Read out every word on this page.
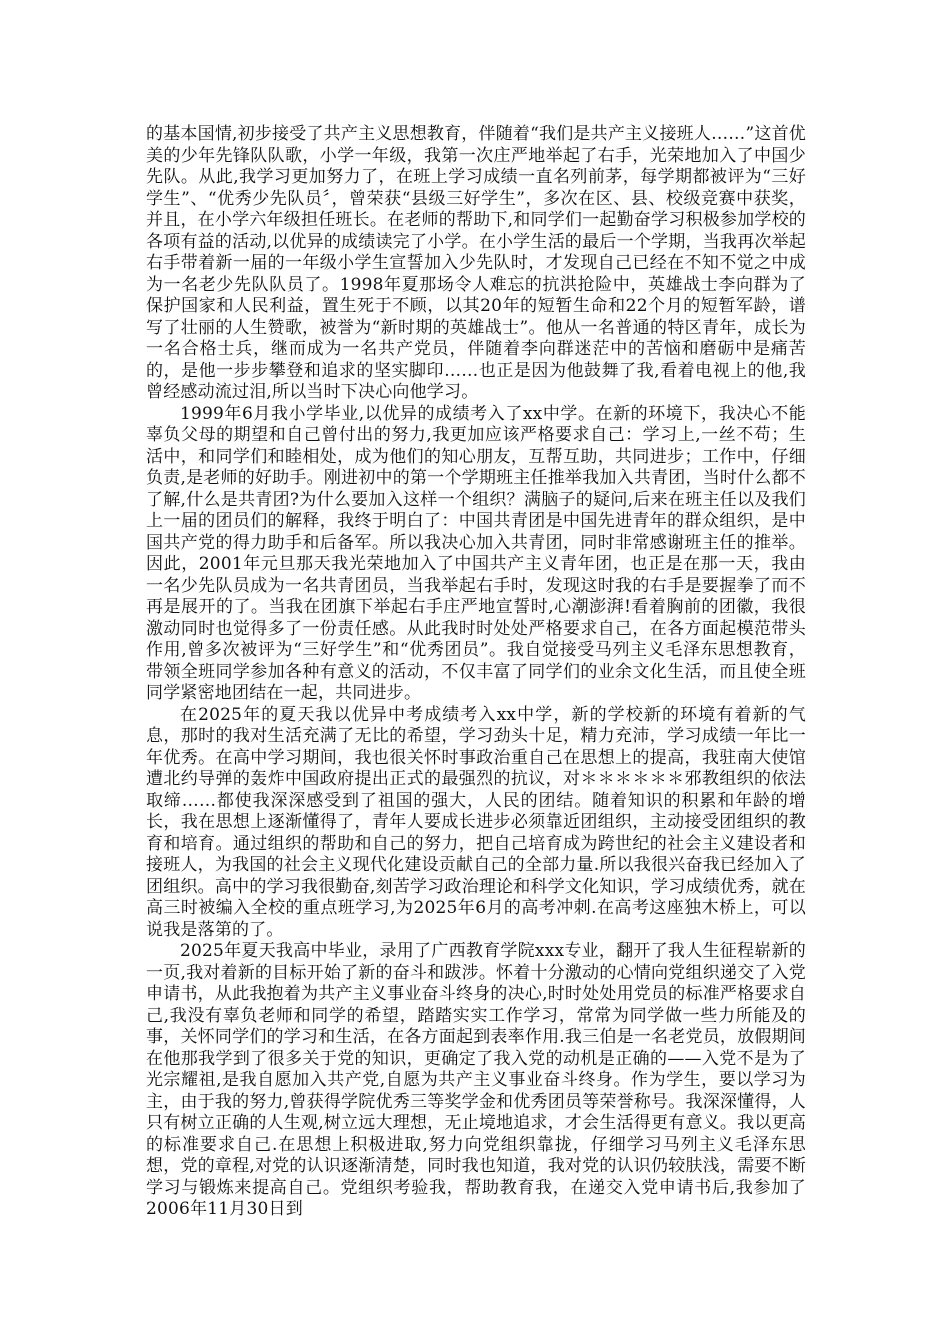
的基本国情,初步接受了共产主义思想教育，伴随着“我们是共产主义接班人……”这首优美的少年先锋队队歌，小学一年级，我第一次庄严地举起了右手，光荣地加入了中国少先队。从此,我学习更加努力了，在班上学习成绩一直名列前茅，每学期都被评为“三好学生”、“优秀少先队员〞，曾荣获“县级三好学生”，多次在区、县、校级竞赛中获奖，并且，在小学六年级担任班长。在老师的帮助下,和同学们一起勤奋学习积极参加学校的各项有益的活动,以优异的成绩读完了小学。在小学生活的最后一个学期，当我再次举起右手带着新一届的一年级小学生宣誓加入少先队时，才发现自己已经在不知不觉之中成为一名老少先队队员了。1998年夏那场令人难忘的抗洪抢险中，英雄战士李向群为了保护国家和人民利益，置生死于不顾，以其20年的短暂生命和22个月的短暂军龄，谱写了壮丽的人生赞歌，被誉为“新时期的英雄战士”。他从一名普通的特区青年，成长为一名合格士兵，继而成为一名共产党员，伴随着李向群迷茫中的苦恼和磨砺中是痛苦的，是他一步步攀登和追求的坚实脚印……也正是因为他鼓舞了我,看着电视上的他,我曾经感动流过泪,所以当时下决心向他学习。

1999年6月我小学毕业,以优异的成绩考入了xx中学。在新的环境下，我决心不能辜负父母的期望和自己曾付出的努力,我更加应该严格要求自己：学习上,一丝不苟；生活中，和同学们和睦相处，成为他们的知心朋友，互帮互助，共同进步；工作中，仔细负责,是老师的好助手。刚进初中的第一个学期班主任推举我加入共青团，当时什么都不了解,什么是共青团?为什么要加入这样一个组织？满脑子的疑问,后来在班主任以及我们上一届的团员们的解释，我终于明白了：中国共青团是中国先进青年的群众组织，是中国共产党的得力助手和后备军。所以我决心加入共青团，同时非常感谢班主任的推举。因此，2001年元旦那天我光荣地加入了中国共产主义青年团，也正是在那一天，我由一名少先队员成为一名共青团员，当我举起右手时，发现这时我的右手是要握拳了而不再是展开的了。当我在团旗下举起右手庄严地宣誓时,心潮澎湃!看着胸前的团徽，我很激动同时也觉得多了一份责任感。从此我时时处处严格要求自己，在各方面起模范带头作用,曾多次被评为“三好学生”和“优秀团员”。我自觉接受马列主义毛泽东思想教育，带领全班同学参加各种有意义的活动，不仅丰富了同学们的业余文化生活，而且使全班同学紧密地团结在一起，共同进步。

在2025年的夏天我以优异中考成绩考入xx中学，新的学校新的环境有着新的气息，那时的我对生活充满了无比的希望，学习劲头十足，精力充沛，学习成绩一年比一年优秀。在高中学习期间，我也很关怀时事政治重自己在思想上的提高，我驻南大使馆遭北约导弹的轰炸中国政府提出正式的最强烈的抗议，对＊＊＊＊＊＊邪教组织的依法取缔……都使我深深感受到了祖国的强大，人民的团结。随着知识的积累和年龄的增长，我在思想上逐渐懂得了，青年人要成长进步必须靠近团组织，主动接受团组织的教育和培育。通过组织的帮助和自己的努力，把自己培育成为跨世纪的社会主义建设者和接班人，为我国的社会主义现代化建设贡献自己的全部力量.所以我很兴奋我已经加入了团组织。高中的学习我很勤奋,刻苦学习政治理论和科学文化知识，学习成绩优秀，就在高三时被编入全校的重点班学习,为2025年6月的高考冲刺.在高考这座独木桥上，可以说我是落第的了。

2025年夏天我高中毕业，录用了广西教育学院xxx专业，翻开了我人生征程崭新的一页,我对着新的目标开始了新的奋斗和跋涉。怀着十分激动的心情向党组织递交了入党申请书，从此我抱着为共产主义事业奋斗终身的决心,时时处处用党员的标准严格要求自己,我没有辜负老师和同学的希望，踏踏实实工作学习，常常为同学做一些力所能及的事，关怀同学们的学习和生活，在各方面起到表率作用.我三伯是一名老党员，放假期间在他那我学到了很多关于党的知识，更确定了我入党的动机是正确的——入党不是为了光宗耀祖,是我自愿加入共产党,自愿为共产主义事业奋斗终身。作为学生，要以学习为主，由于我的努力,曾获得学院优秀三等奖学金和优秀团员等荣誉称号。我深深懂得，人只有树立正确的人生观,树立远大理想，无止境地追求，才会生活得更有意义。我以更高的标准要求自己.在思想上积极进取,努力向党组织靠拢，仔细学习马列主义毛泽东思想，党的章程,对党的认识逐渐清楚，同时我也知道，我对党的认识仍较肤浅，需要不断学习与锻炼来提高自己。党组织考验我，帮助教育我，在递交入党申请书后,我参加了2006年11月30日到
